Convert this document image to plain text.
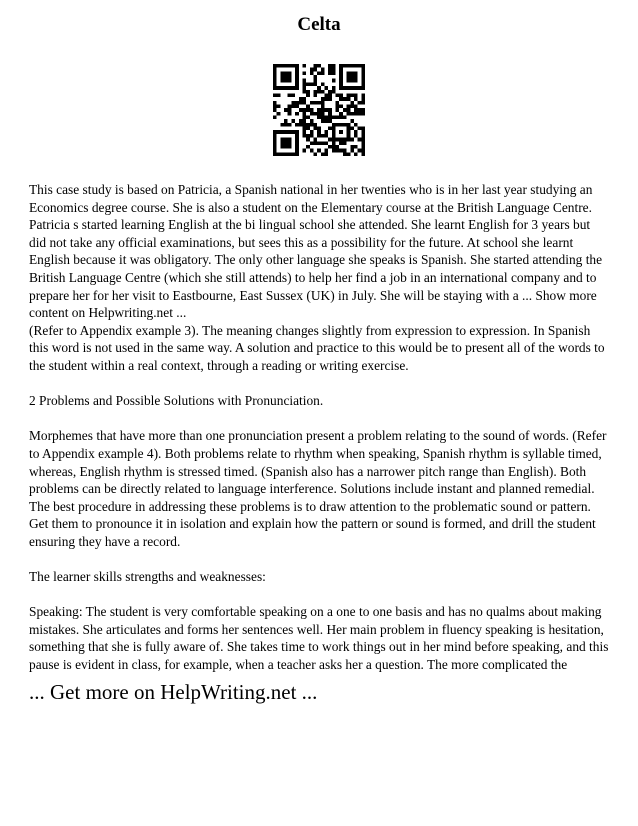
Celta

This case study is based on Patricia, a Spanish national in her twenties who is in her last year studying an Economics degree course. She is also a student on the Elementary course at the British Language Centre. Patricia s started learning English at the bi lingual school she attended. She learnt English for 3 years but did not take any official examinations, but sees this as a possibility for the future. At school she learnt English because it was obligatory. The only other language she speaks is Spanish. She started attending the British Language Centre (which she still attends) to help her find a job in an international company and to prepare her for her visit to Eastbourne, East Sussex (UK) in July. She will be staying with a ... Show more content on Helpwriting.net ...

(Refer to Appendix example 3). The meaning changes slightly from expression to expression. In Spanish this word is not used in the same way. A solution and practice to this would be to present all of the words to the student within a real context, through a reading or writing exercise.

2 Problems and Possible Solutions with Pronunciation.

Morphemes that have more than one pronunciation present a problem relating to the sound of words. (Refer to Appendix example 4). Both problems relate to rhythm when speaking, Spanish rhythm is syllable timed, whereas, English rhythm is stressed timed. (Spanish also has a narrower pitch range than English). Both problems can be directly related to language interference. Solutions include instant and planned remedial. The best procedure in addressing these problems is to draw attention to the problematic sound or pattern. Get them to pronounce it in isolation and explain how the pattern or sound is formed, and drill the student ensuring they have a record.

The learner skills strengths and weaknesses:

Speaking: The student is very comfortable speaking on a one to one basis and has no qualms about making mistakes. She articulates and forms her sentences well. Her main problem in fluency speaking is hesitation, something that she is fully aware of. She takes time to work things out in her mind before speaking, and this pause is evident in class, for example, when a teacher asks her a question. The more complicated the

... Get more on HelpWriting.net ...
